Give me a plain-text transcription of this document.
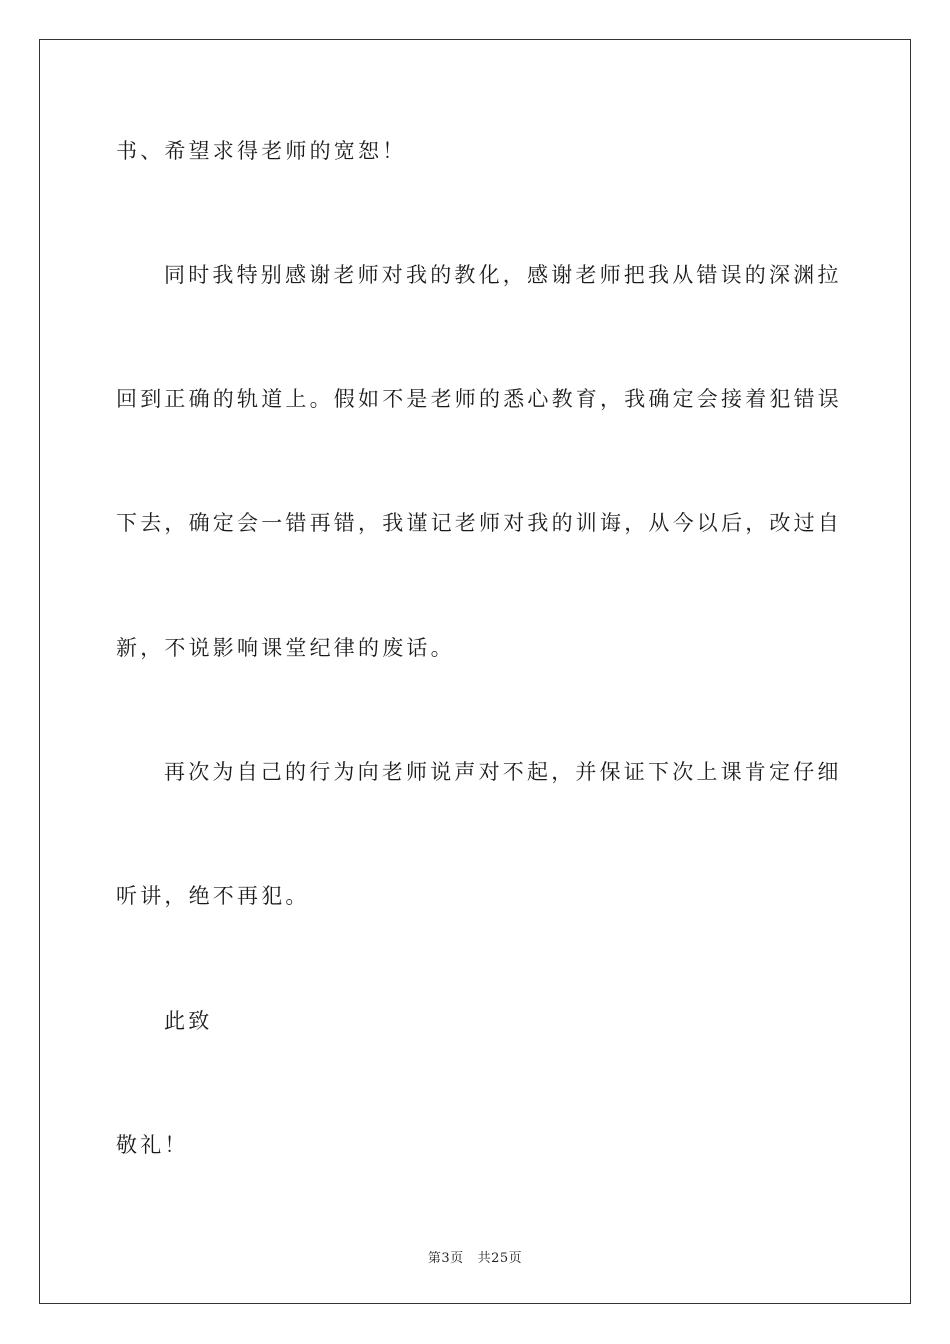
书、希望求得老师的宽恕！
同时我特别感谢老师对我的教化，感谢老师把我从错误的深渊拉
回到正确的轨道上。假如不是老师的悉心教育，我确定会接着犯错误
下去，确定会一错再错，我谨记老师对我的训诲，从今以后，改过自
新，不说影响课堂纪律的废话。
再次为自己的行为向老师说声对不起，并保证下次上课肯定仔细
听讲，绝不再犯。
此致
敬礼！
第3页 共25页
